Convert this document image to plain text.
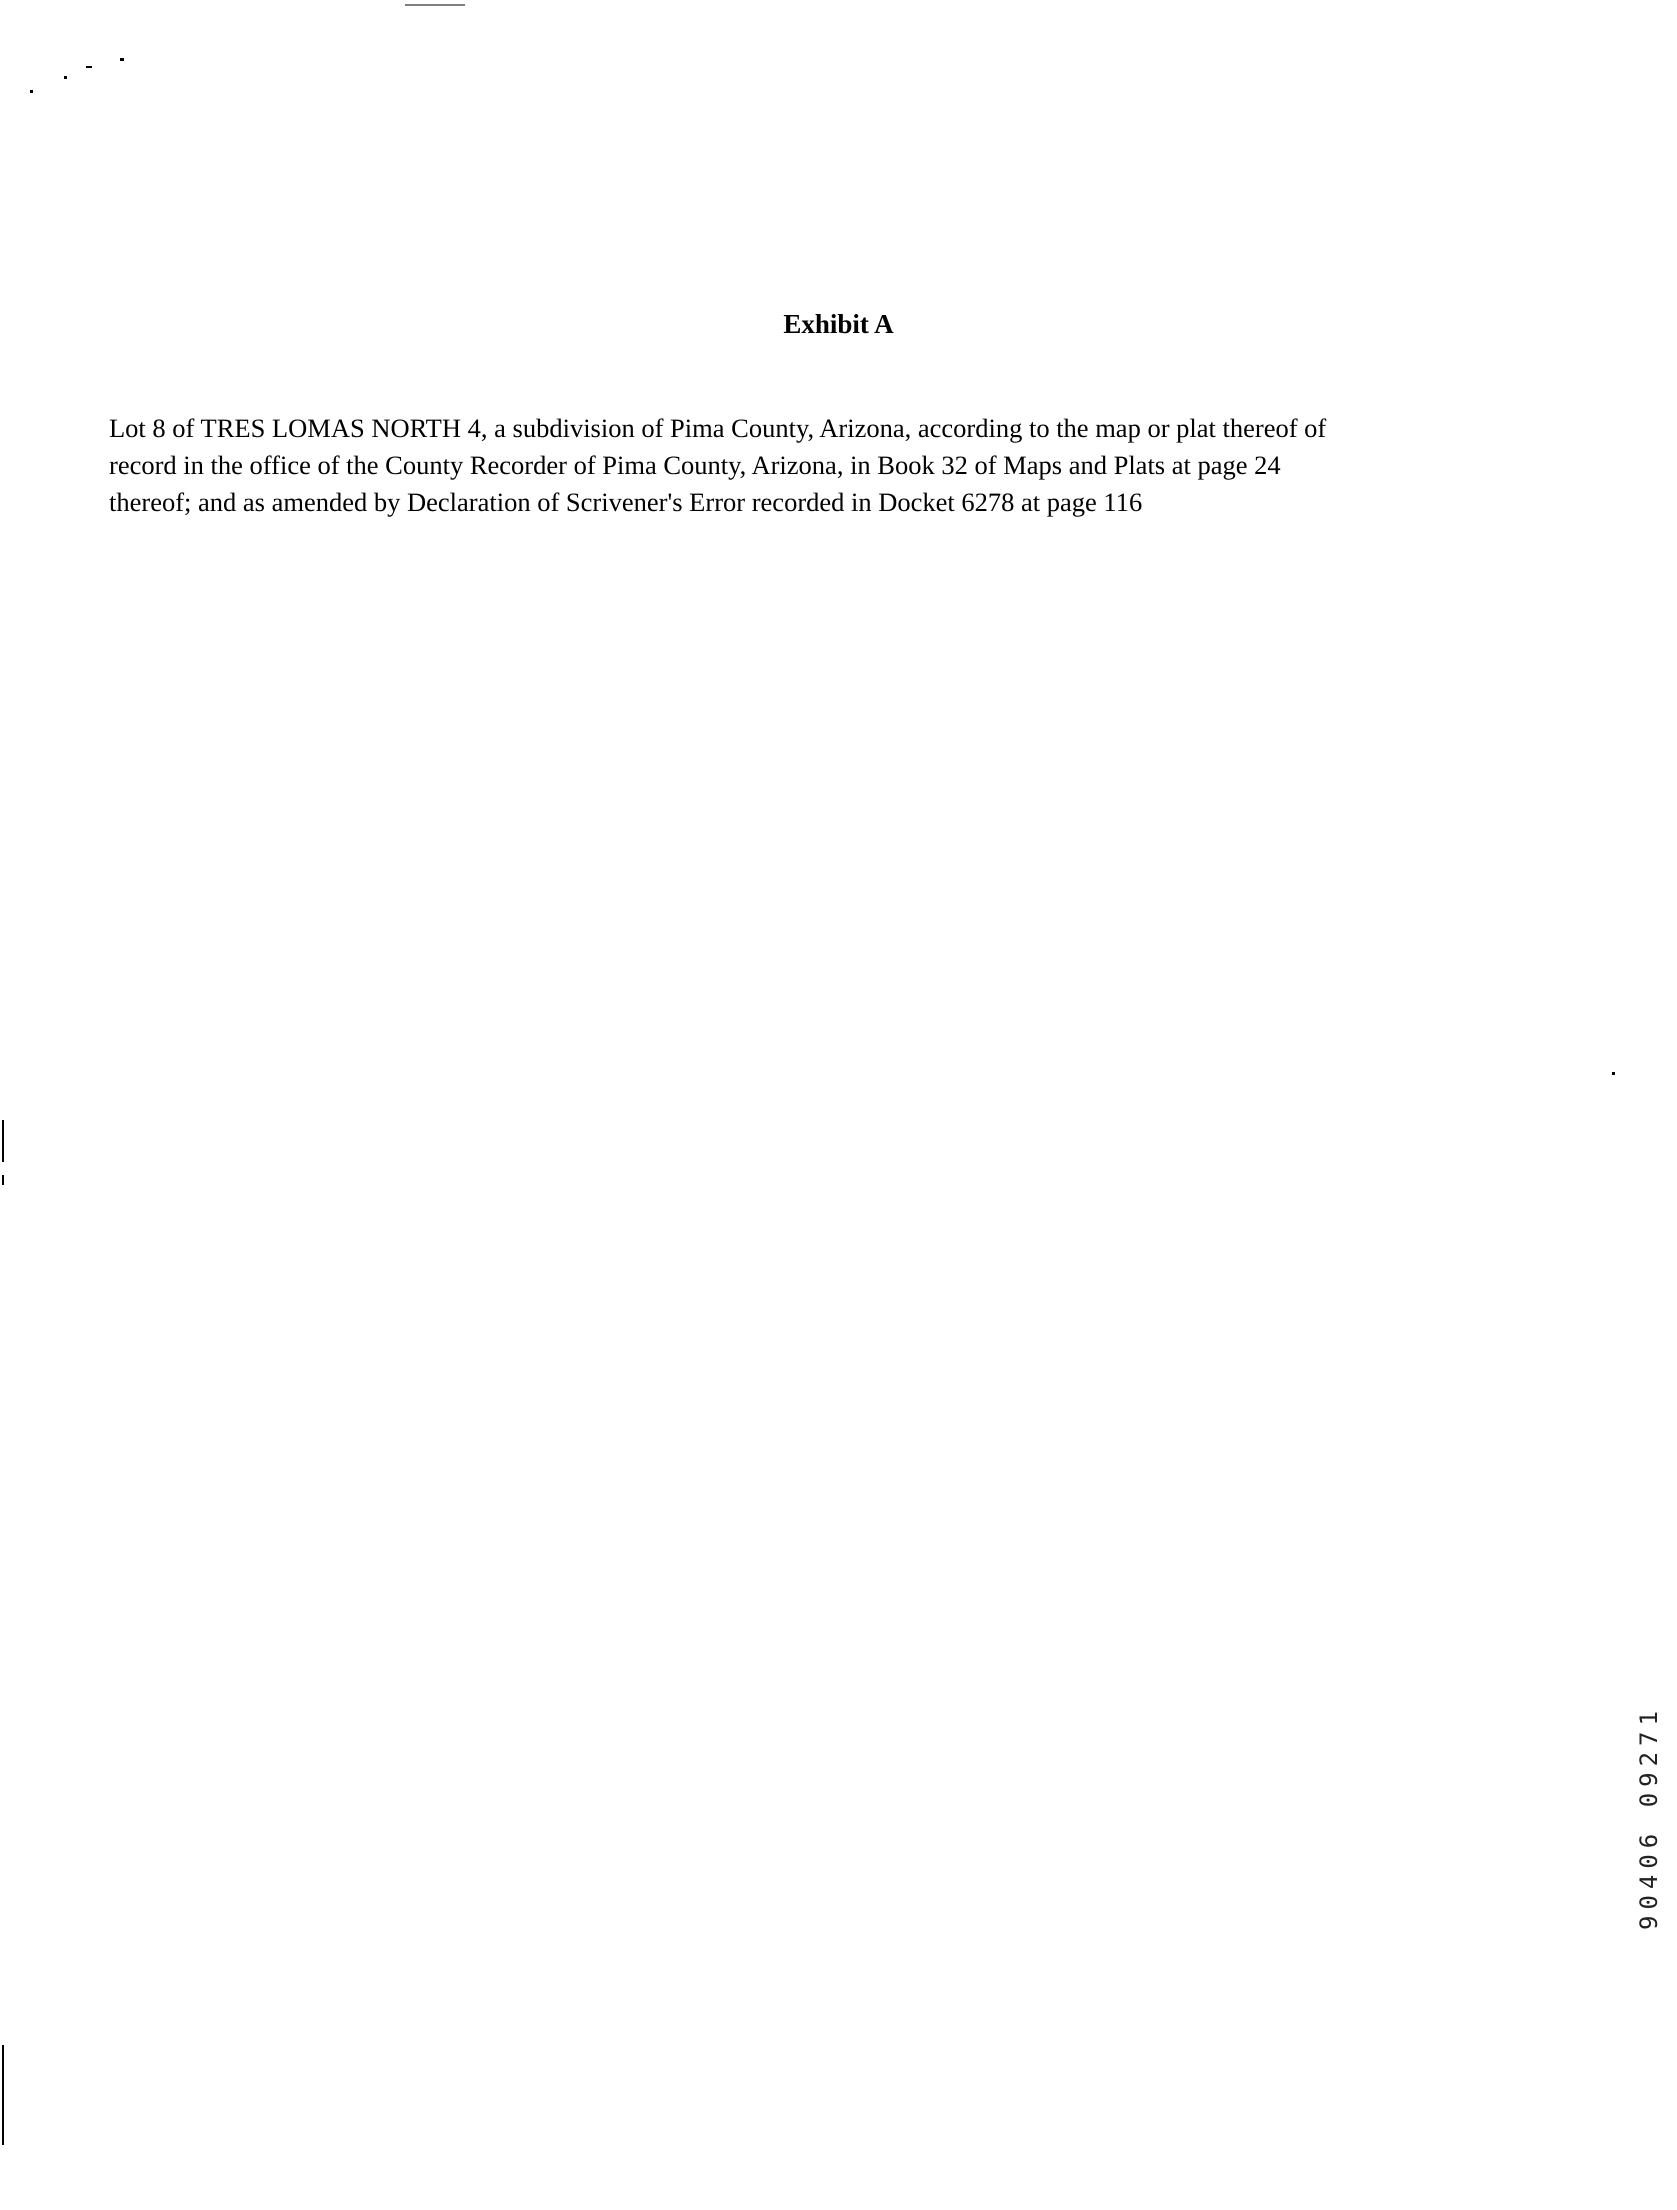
Exhibit A

Lot 8 of TRES LOMAS NORTH 4, a subdivision of Pima County, Arizona, according to the map or plat thereof of
record in the office of the County Recorder of Pima County, Arizona, in Book 32 of Maps and Plats at page 24
thereof; and as amended by Declaration of Scrivener's Error recorded in Docket 6278 at page 116

90406 09271
